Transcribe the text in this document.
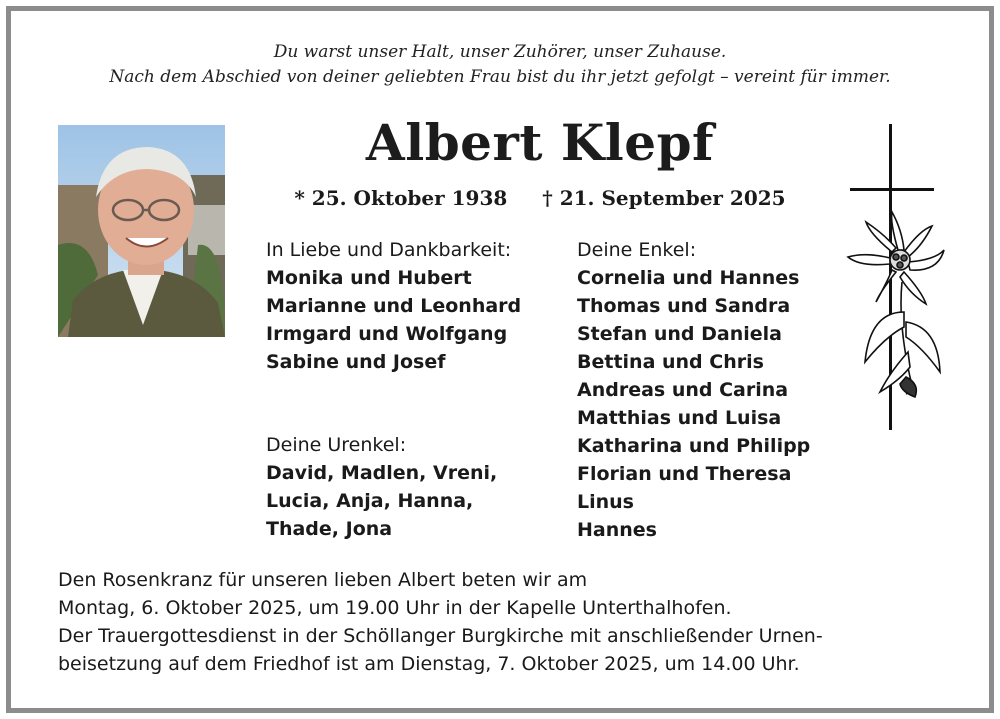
Du warst unser Halt, unser Zuhörer, unser Zuhause.
Nach dem Abschied von deiner geliebten Frau bist du ihr jetzt gefolgt – vereint für immer.
Albert Klepf
* 25. Oktober 1938 † 21. September 2025
In Liebe und Dankbarkeit:
Monika und Hubert
Marianne und Leonhard
Irmgard und Wolfgang
Sabine und Josef
Deine Urenkel:
David, Madlen, Vreni,
Lucia, Anja, Hanna,
Thade, Jona
Deine Enkel:
Cornelia und Hannes
Thomas und Sandra
Stefan und Daniela
Bettina und Chris
Andreas und Carina
Matthias und Luisa
Katharina und Philipp
Florian und Theresa
Linus
Hannes
Den Rosenkranz für unseren lieben Albert beten wir am
Montag, 6. Oktober 2025, um 19.00 Uhr in der Kapelle Unterthalhofen.
Der Trauergottesdienst in der Schöllanger Burgkirche mit anschließender Urnen-
beisetzung auf dem Friedhof ist am Dienstag, 7. Oktober 2025, um 14.00 Uhr.
